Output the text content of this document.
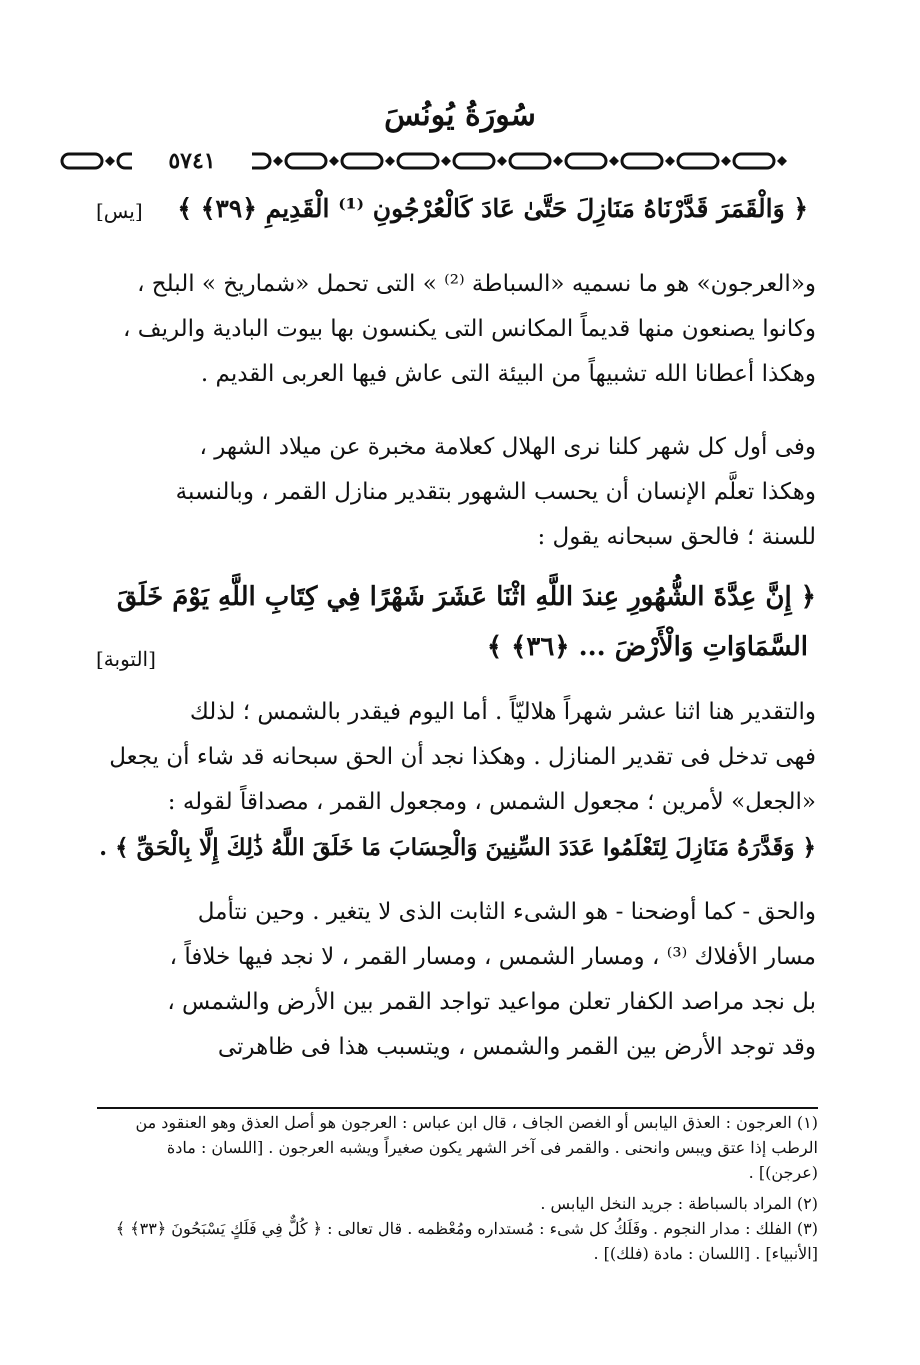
سُورَةُ يُونُسَ
٥٧٤١
﴿ وَالْقَمَرَ قَدَّرْنَاهُ مَنَازِلَ حَتَّىٰ عَادَ كَالْعُرْجُونِ ⁽¹⁾ الْقَدِيمِ ﴿٣٩﴾ ﴾
[يس]
و«العرجون» هو ما نسميه «السباطة ⁽²⁾ » التى تحمل «شماريخ » البلح ،
وكانوا يصنعون منها قديماً المكانس التى يكنسون بها بيوت البادية والريف ،
وهكذا أعطانا الله تشبيهاً من البيئة التى عاش فيها العربى القديم .
وفى أول كل شهر كلنا نرى الهلال كعلامة مخبرة عن ميلاد الشهر ،
وهكذا تعلَّم الإنسان أن يحسب الشهور بتقدير منازل القمر ، وبالنسبة
للسنة ؛ فالحق سبحانه يقول :
﴿ إِنَّ عِدَّةَ الشُّهُورِ عِندَ اللَّهِ اثْنَا عَشَرَ شَهْرًا فِي كِتَابِ اللَّهِ يَوْمَ خَلَقَ
السَّمَاوَاتِ وَالْأَرْضَ ... ﴿٣٦﴾ ﴾
[التوبة]
والتقدير هنا اثنا عشر شهراً هلاليّاً . أما اليوم فيقدر بالشمس ؛ لذلك
فهى تدخل فى تقدير المنازل . وهكذا نجد أن الحق سبحانه قد شاء أن يجعل
«الجعل» لأمرين ؛ مجعول الشمس ، ومجعول القمر ، مصداقاً لقوله :
﴿ وَقَدَّرَهُ مَنَازِلَ لِتَعْلَمُوا عَدَدَ السِّنِينَ وَالْحِسَابَ مَا خَلَقَ اللَّهُ ذَٰلِكَ إِلَّا بِالْحَقِّ ﴾ .
والحق - كما أوضحنا - هو الشىء الثابت الذى لا يتغير . وحين نتأمل
مسار الأفلاك ⁽³⁾ ، ومسار الشمس ، ومسار القمر ، لا نجد فيها خلافاً ،
بل نجد مراصد الكفار تعلن مواعيد تواجد القمر بين الأرض والشمس ،
وقد توجد الأرض بين القمر والشمس ، ويتسبب هذا فى ظاهرتى
(١) العرجون : العذق اليابس أو الغصن الجاف ، قال ابن عباس : العرجون هو أصل العذق وهو العنقود من
الرطب إذا عتق ويبس وانحنى . والقمر فى آخر الشهر يكون صغيراً ويشبه العرجون . [اللسان : مادة
(عرجن)] .
(٢) المراد بالسباطة : جريد النخل اليابس .
(٣) الفلك : مدار النجوم . وفَلَكُ كل شىء : مُستداره ومُعْظمه . قال تعالى : ﴿ كُلٌّ فِي فَلَكٍ يَسْبَحُونَ ﴿٣٣﴾ ﴾
[الأنبياء] . [اللسان : مادة (فلك)] .
